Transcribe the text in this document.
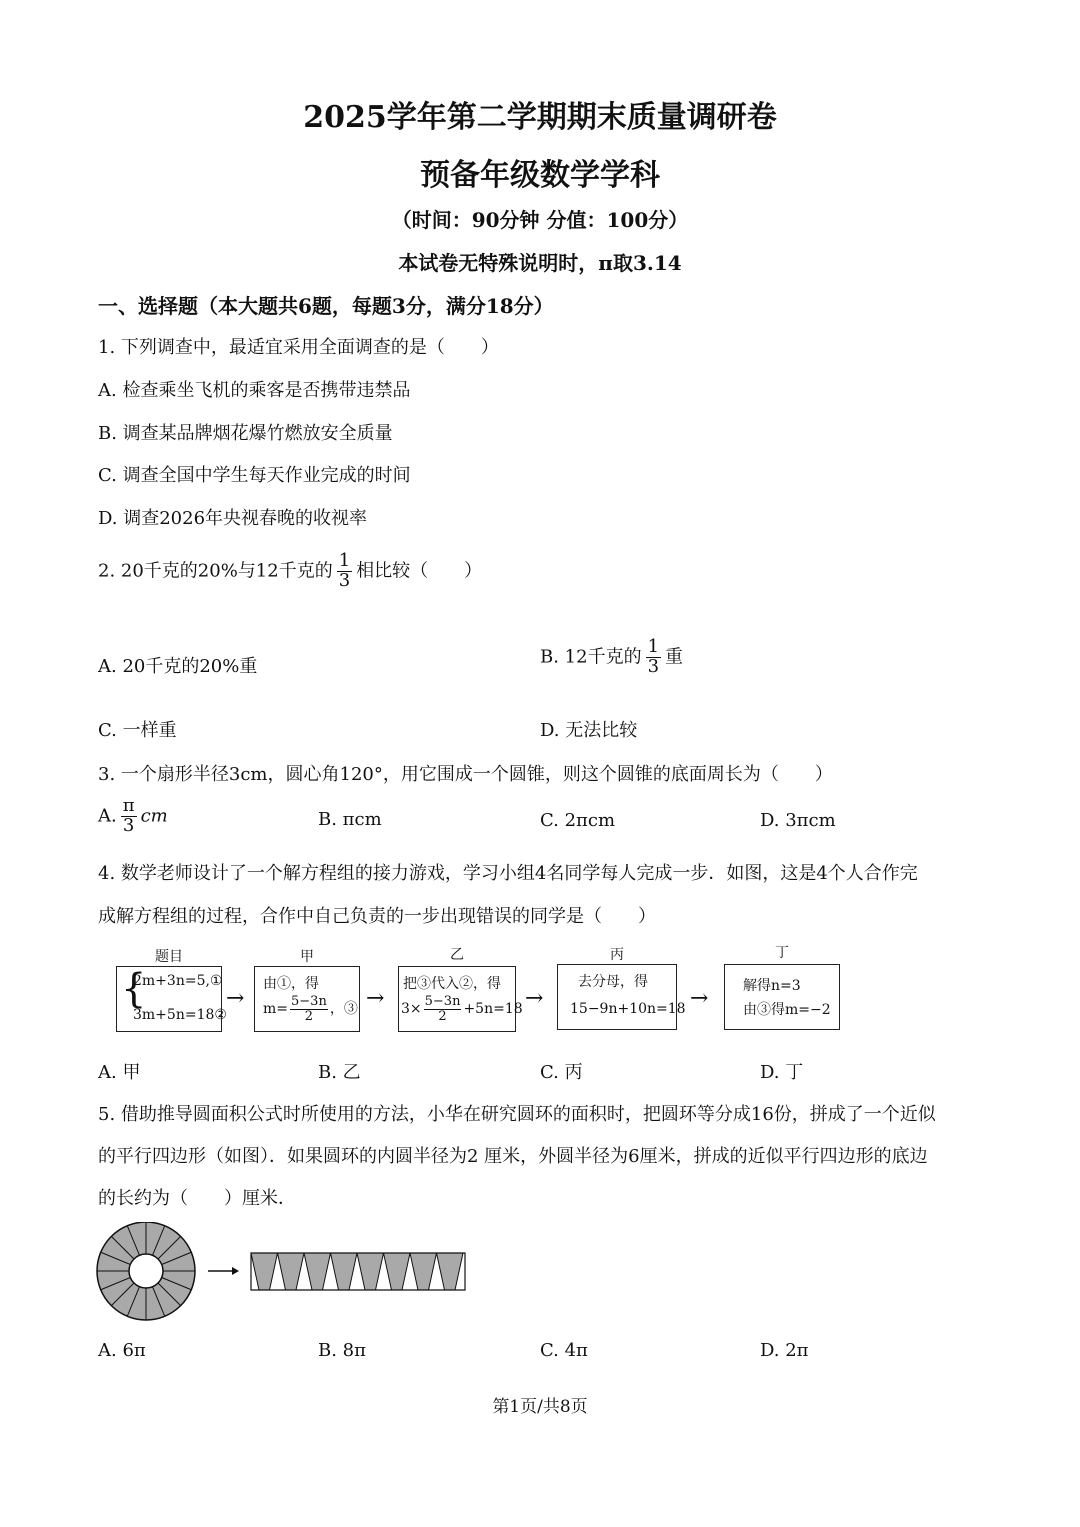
2025学年第二学期期末质量调研卷
预备年级数学学科
（时间：90分钟 分值：100分）
本试卷无特殊说明时，π取3.14
一、选择题（本大题共6题，每题3分，满分18分）
1. 下列调查中，最适宜采用全面调查的是（　　）
A. 检查乘坐飞机的乘客是否携带违禁品
B. 调查某品牌烟花爆竹燃放安全质量
C. 调查全国中学生每天作业完成的时间
D. 调查2026年央视春晚的收视率
2. 20千克的20%与12千克的 $\frac{1}{3}$ 相比较（　　）
A. 20千克的20%重	B. 12千克的 $\frac{1}{3}$ 重
C. 一样重	D. 无法比较
3. 一个扇形半径3cm，圆心角120°，用它围成一个圆锥，则这个圆锥的底面周长为（　　）
A. $\frac{\pi}{3}$ cm	B. πcm	C. 2πcm	D. 3πcm
4. 数学老师设计了一个解方程组的接力游戏，学习小组4名同学每人完成一步．如图，这是4个人合作完
成解方程组的过程，合作中自己负责的一步出现错误的同学是（　　）
题目	甲	乙	丙	丁
{
2m+3n=5,①
3m+5n=18②
→
由①，得
$m= \frac{5-3n}{2}$ ，③ →
把③代入②，得
$3\times \frac{5-3n}{2} +5n=18$ →
去分母，得
15−9n+10n=18 → 解得n=3
由③得m=−2
A. 甲	B. 乙	C. 丙	D. 丁
5. 借助推导圆面积公式时所使用的方法，小华在研究圆环的面积时，把圆环等分成16份，拼成了一个近似
的平行四边形（如图）．如果圆环的内圆半径为2 厘米，外圆半径为6厘米，拼成的近似平行四边形的底边
的长约为（　　）厘米．
A. 6π	B. 8π	C. 4π	D. 2π
第1页/共8页
